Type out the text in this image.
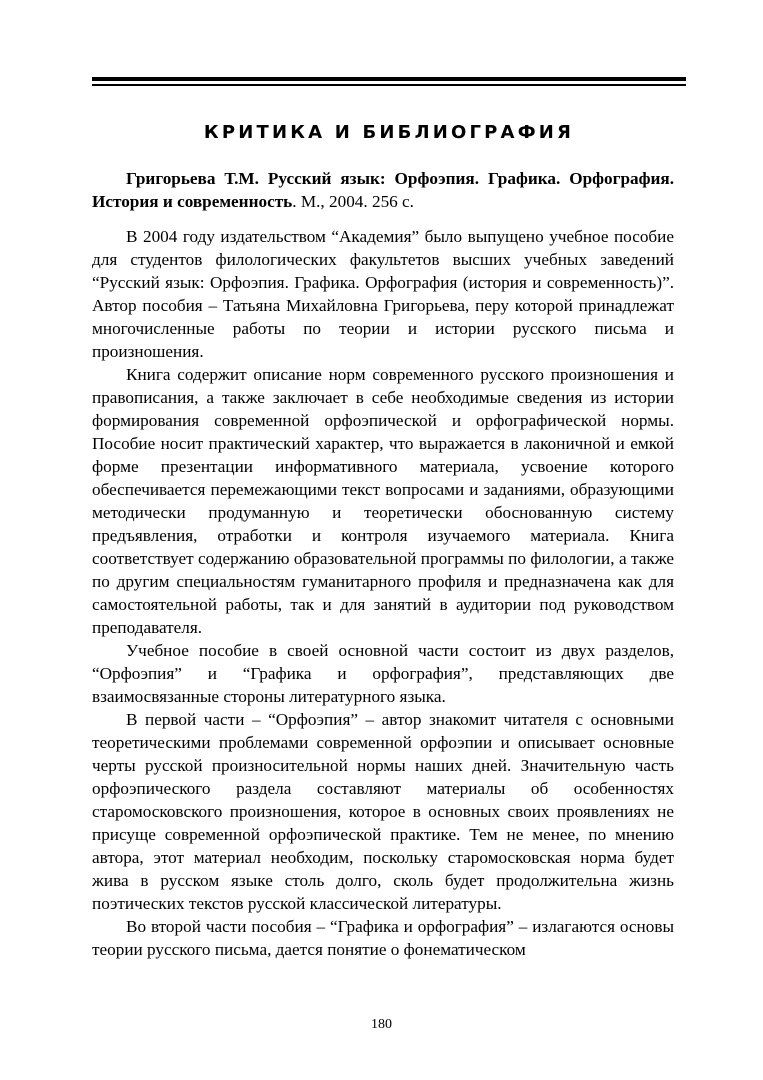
КРИТИКА И БИБЛИОГРАФИЯ

Григорьева Т.М. Русский язык: Орфоэпия. Графика. Орфография. История и современность. М., 2004. 256 с.

В 2004 году издательством “Академия” было выпущено учебное пособие для студентов филологических факультетов высших учебных заведений “Русский язык: Орфоэпия. Графика. Орфография (история и современность)”. Автор пособия – Татьяна Михайловна Григорьева, перу которой принадлежат многочисленные работы по теории и истории русского письма и произношения.

Книга содержит описание норм современного русского произношения и правописания, а также заключает в себе необходимые сведения из истории формирования современной орфоэпической и орфографической нормы. Пособие носит практический характер, что выражается в лаконичной и емкой форме презентации информативного материала, усвоение которого обеспечивается перемежающими текст вопросами и заданиями, образующими методически продуманную и теоретически обоснованную систему предъявления, отработки и контроля изучаемого материала. Книга соответствует содержанию образовательной программы по филологии, а также по другим специальностям гуманитарного профиля и предназначена как для самостоятельной работы, так и для занятий в аудитории под руководством преподавателя.

Учебное пособие в своей основной части состоит из двух разделов, “Орфоэпия” и “Графика и орфография”, представляющих две взаимосвязанные стороны литературного языка.

В первой части – “Орфоэпия” – автор знакомит читателя с основными теоретическими проблемами современной орфоэпии и описывает основные черты русской произносительной нормы наших дней. Значительную часть орфоэпического раздела составляют материалы об особенностях старомосковского произношения, которое в основных своих проявлениях не присуще современной орфоэпической практике. Тем не менее, по мнению автора, этот материал необходим, поскольку старомосковская норма будет жива в русском языке столь долго, сколь будет продолжительна жизнь поэтических текстов русской классической литературы.

Во второй части пособия – “Графика и орфография” – излагаются основы теории русского письма, дается понятие о фонематическом

180
